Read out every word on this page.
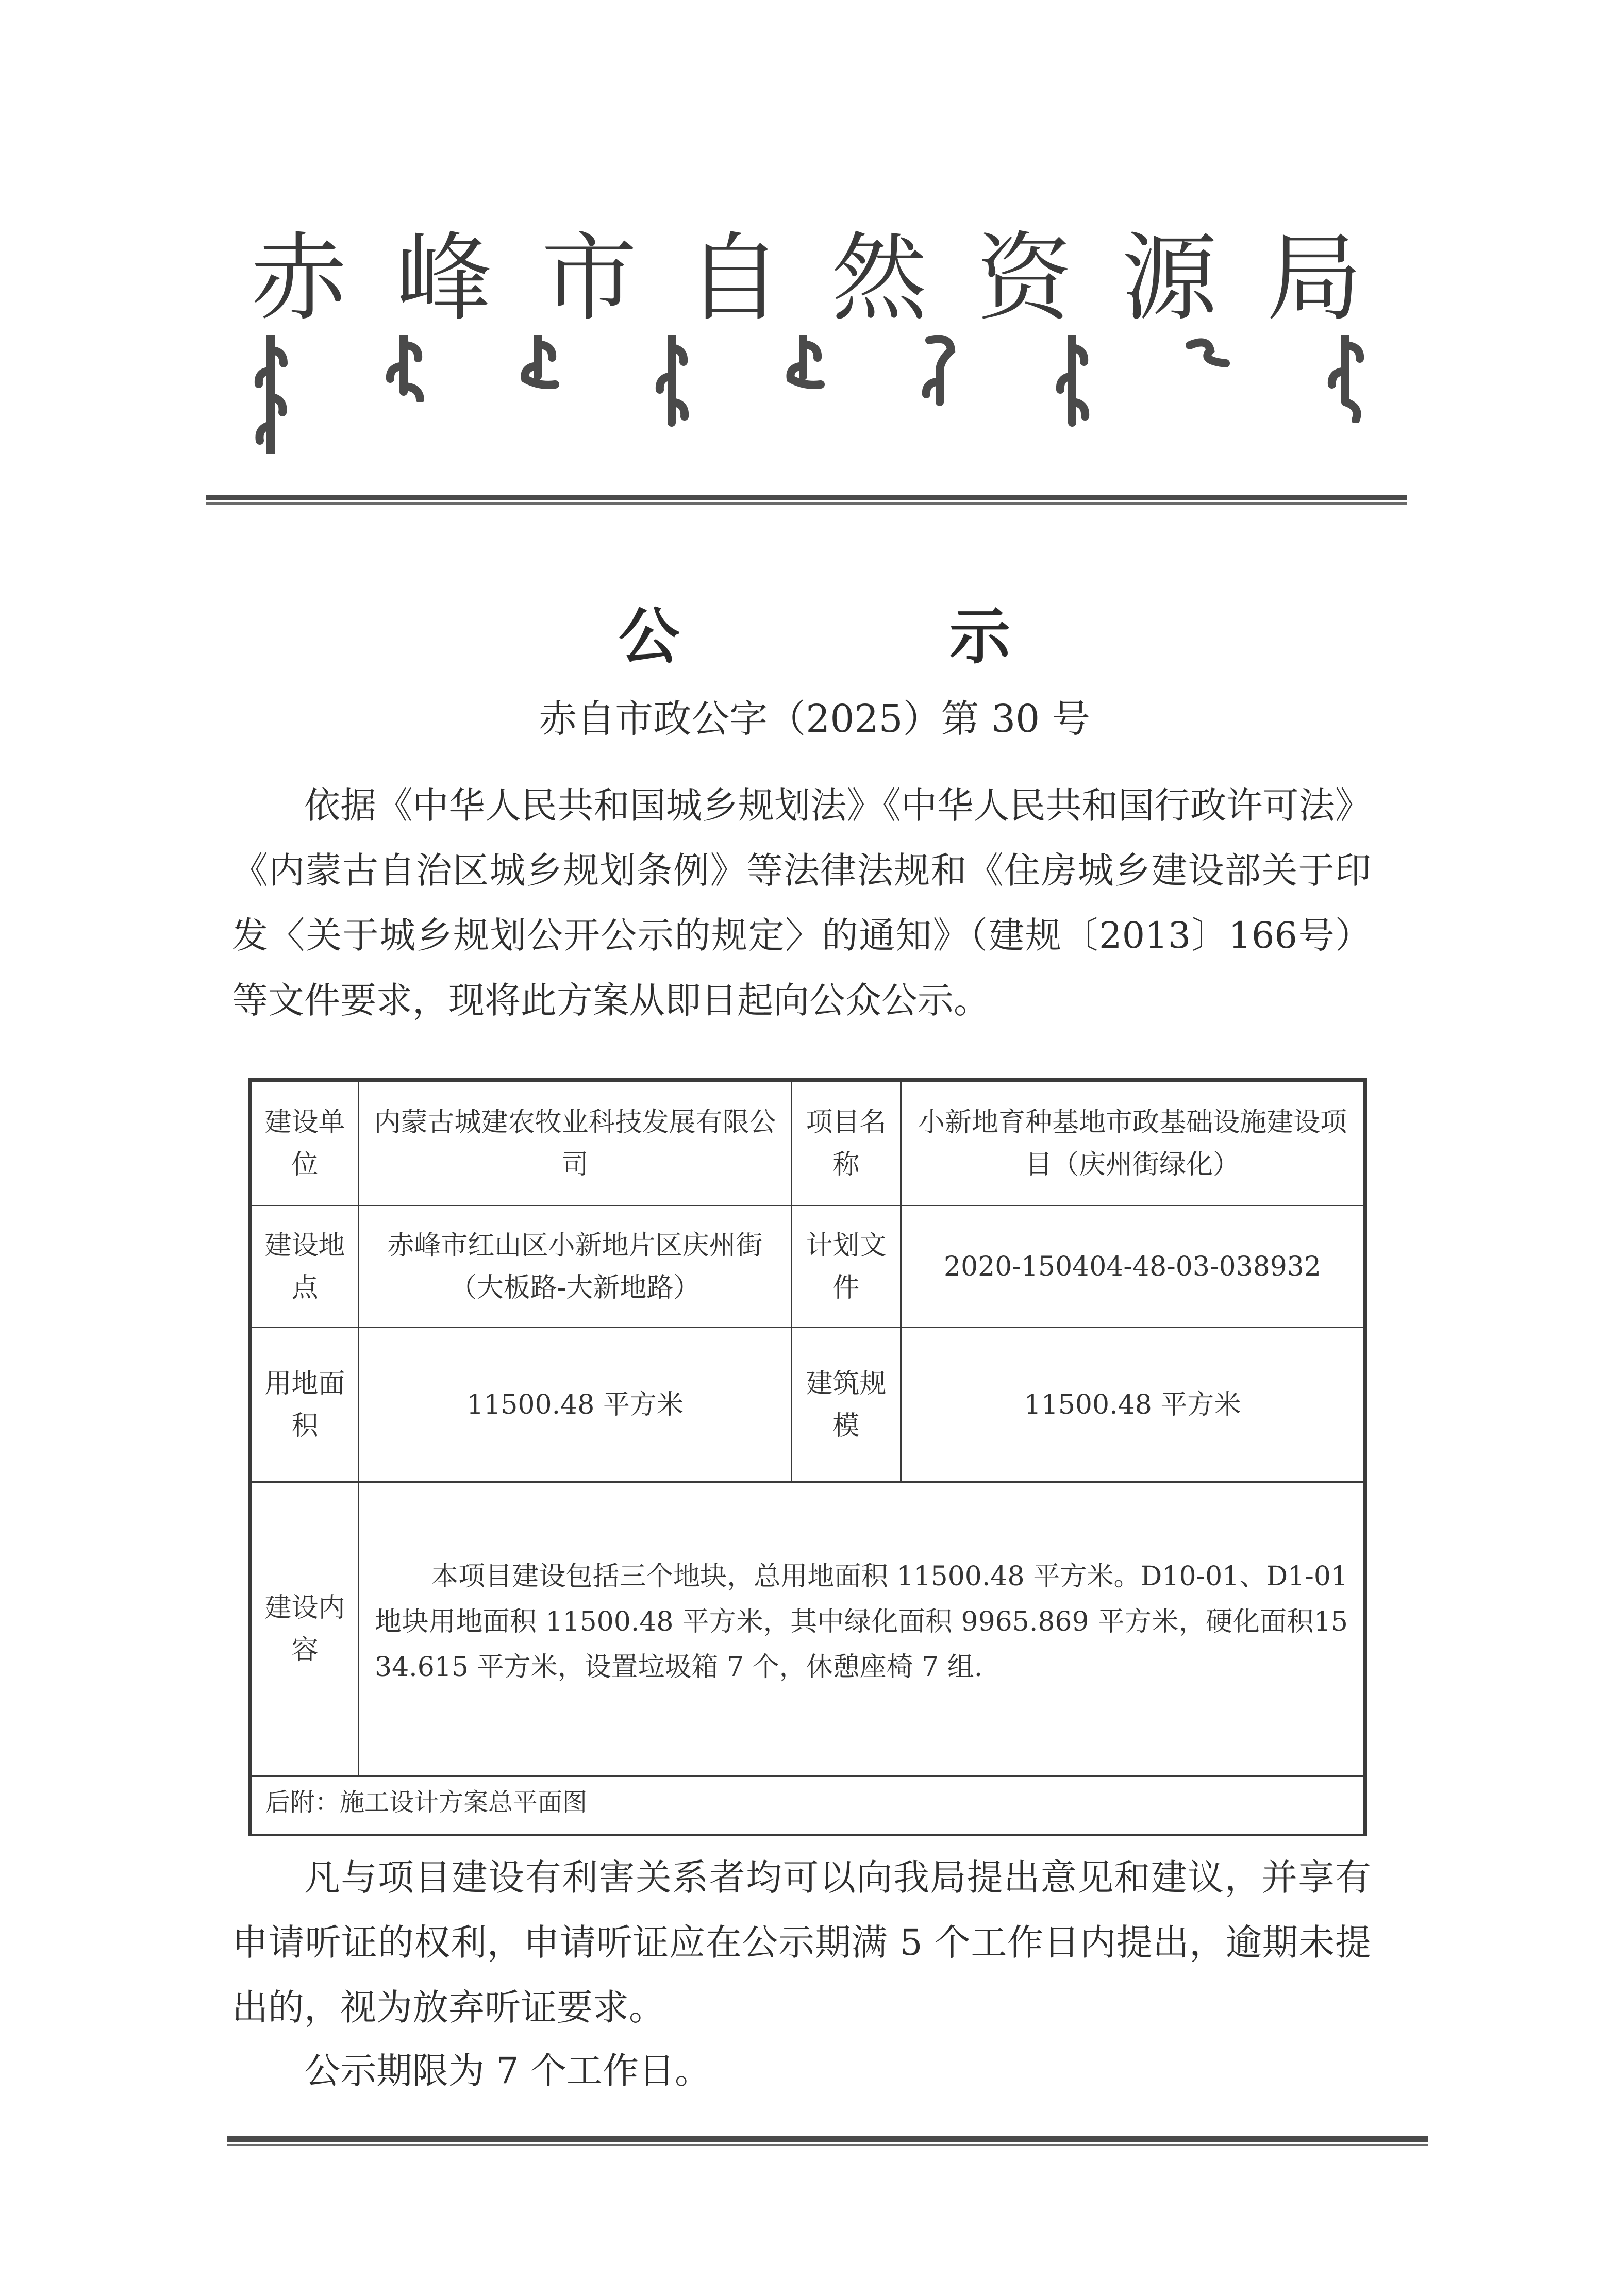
赤 峰 市 自 然 资 源 局
公	示
赤自市政公字（2025）第 30 号
依据《中华人民共和国城乡规划法》《中华人民共和国行政许可法》《内蒙古自治区城乡规划条例》等法律法规和《住房城乡建设部关于印发〈关于城乡规划公开公示的规定〉的通知》（建规〔2013〕166号）等文件要求，现将此方案从即日起向公众公示。
建设单位	内蒙古城建农牧业科技发展有限公司	项目名称	小新地育种基地市政基础设施建设项目（庆州街绿化）
建设地点	赤峰市红山区小新地片区庆州街（大板路-大新地路）	计划文件	2020-150404-48-03-038932
用地面积	11500.48 平方米	建筑规模	11500.48 平方米
建设内容	本项目建设包括三个地块，总用地面积 11500.48 平方米。D10-01、D1-01地块用地面积 11500.48 平方米，其中绿化面积 9965.869 平方米，硬化面积1534.615 平方米，设置垃圾箱 7 个，休憩座椅 7 组.		

后附：施工设计方案总平面图			
凡与项目建设有利害关系者均可以向我局提出意见和建议，并享有申请听证的权利，申请听证应在公示期满 5 个工作日内提出，逾期未提出的，视为放弃听证要求。
公示期限为 7 个工作日。
